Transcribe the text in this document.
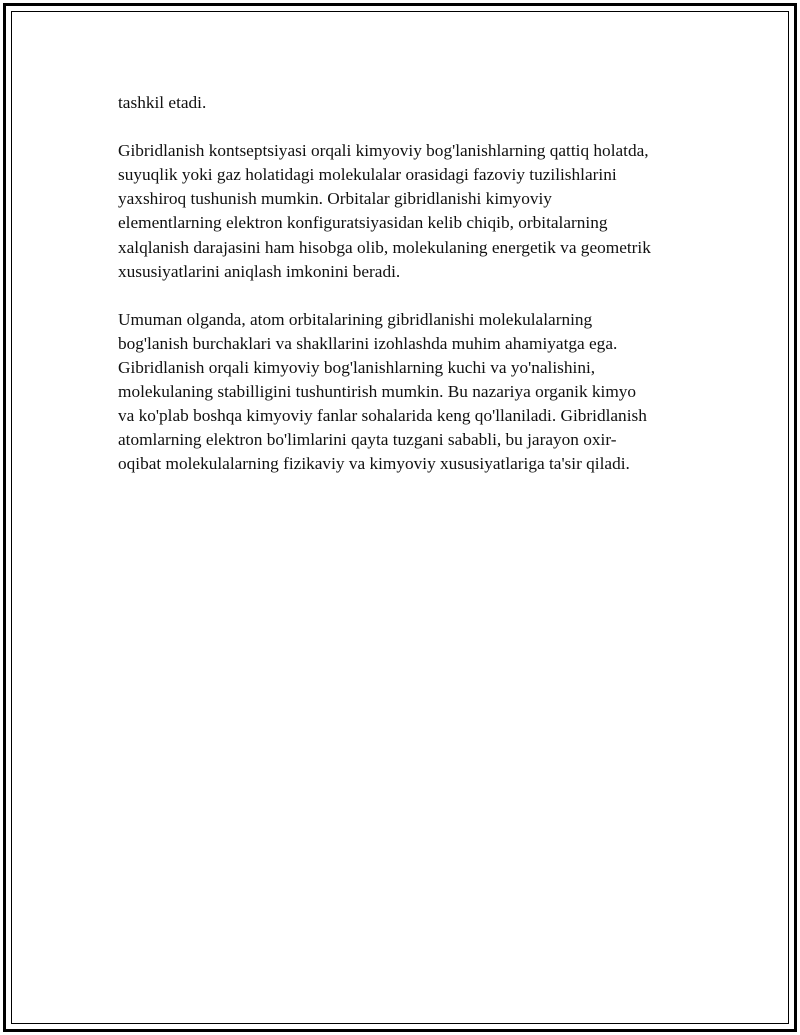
tashkil etadi.

Gibridlanish kontseptsiyasi orqali kimyoviy bog'lanishlarning qattiq holatda,
suyuqlik yoki gaz holatidagi molekulalar orasidagi fazoviy tuzilishlarini
yaxshiroq tushunish mumkin. Orbitalar gibridlanishi kimyoviy
elementlarning elektron konfiguratsiyasidan kelib chiqib, orbitalarning
xalqlanish darajasini ham hisobga olib, molekulaning energetik va geometrik
xususiyatlarini aniqlash imkonini beradi.

Umuman olganda, atom orbitalarining gibridlanishi molekulalarning
bog'lanish burchaklari va shakllarini izohlashda muhim ahamiyatga ega.
Gibridlanish orqali kimyoviy bog'lanishlarning kuchi va yo'nalishini,
molekulaning stabilligini tushuntirish mumkin. Bu nazariya organik kimyo
va ko'plab boshqa kimyoviy fanlar sohalarida keng qo'llaniladi. Gibridlanish
atomlarning elektron bo'limlarini qayta tuzgani sababli, bu jarayon oxir-
oqibat molekulalarning fizikaviy va kimyoviy xususiyatlariga ta'sir qiladi.
